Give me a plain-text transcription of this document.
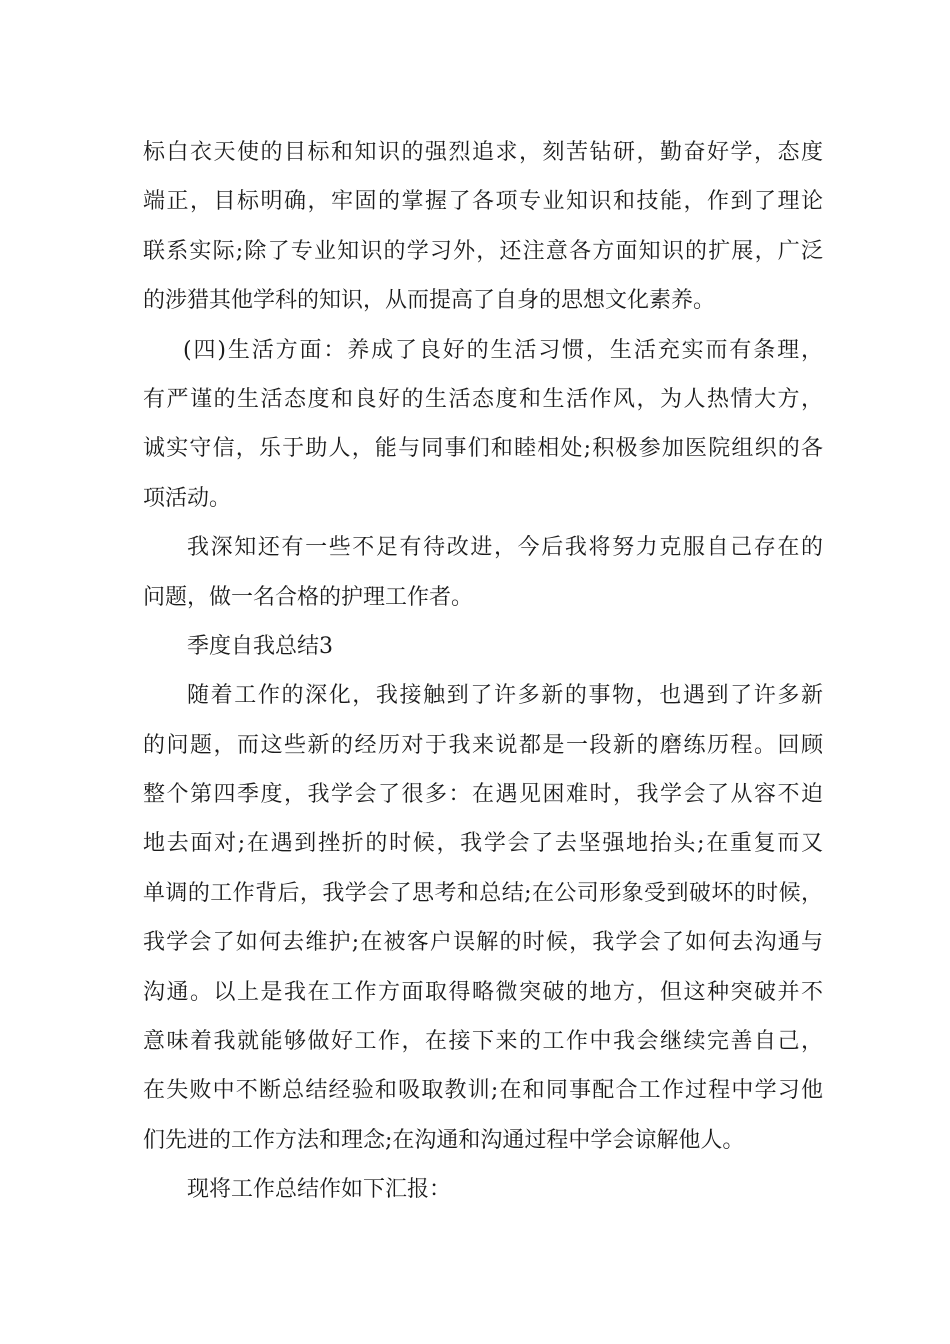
标白衣天使的目标和知识的强烈追求，刻苦钻研，勤奋好学，态度
端正，目标明确，牢固的掌握了各项专业知识和技能，作到了理论
联系实际;除了专业知识的学习外，还注意各方面知识的扩展，广泛
的涉猎其他学科的知识，从而提高了自身的思想文化素养。
(四)生活方面：养成了良好的生活习惯，生活充实而有条理，
有严谨的生活态度和良好的生活态度和生活作风，为人热情大方，
诚实守信，乐于助人，能与同事们和睦相处;积极参加医院组织的各
项活动。
我深知还有一些不足有待改进，今后我将努力克服自己存在的
问题，做一名合格的护理工作者。
季度自我总结3
随着工作的深化，我接触到了许多新的事物，也遇到了许多新
的问题，而这些新的经历对于我来说都是一段新的磨练历程。回顾
整个第四季度，我学会了很多：在遇见困难时，我学会了从容不迫
地去面对;在遇到挫折的时候，我学会了去坚强地抬头;在重复而又
单调的工作背后，我学会了思考和总结;在公司形象受到破坏的时候，
我学会了如何去维护;在被客户误解的时候，我学会了如何去沟通与
沟通。以上是我在工作方面取得略微突破的地方，但这种突破并不
意味着我就能够做好工作，在接下来的工作中我会继续完善自己，
在失败中不断总结经验和吸取教训;在和同事配合工作过程中学习他
们先进的工作方法和理念;在沟通和沟通过程中学会谅解他人。
现将工作总结作如下汇报：
